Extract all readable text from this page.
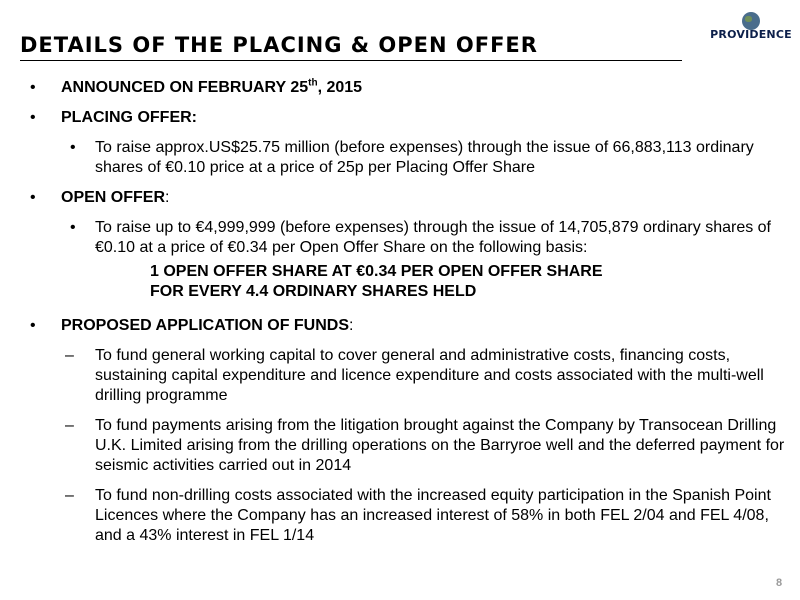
DETAILS OF THE PLACING & OPEN OFFER	PROVIDENCE
• ANNOUNCED ON FEBRUARY 25th, 2015
• PLACING OFFER:
• To raise approx.US$25.75 million (before expenses) through the issue of 66,883,113 ordinary shares of €0.10 price at a price of 25p per Placing Offer Share
• OPEN OFFER:
• To raise up to €4,999,999 (before expenses) through the issue of 14,705,879 ordinary shares of €0.10 at a price of €0.34 per Open Offer Share on the following basis:
1 OPEN OFFER SHARE AT €0.34 PER OPEN OFFER SHARE
FOR EVERY 4.4 ORDINARY SHARES HELD
• PROPOSED APPLICATION OF FUNDS:
– To fund general working capital to cover general and administrative costs, financing costs, sustaining capital expenditure and licence expenditure and costs associated with the multi-well drilling programme
– To fund payments arising from the litigation brought against the Company by Transocean Drilling U.K. Limited arising from the drilling operations on the Barryroe well and the deferred payment for seismic activities carried out in 2014
– To fund non-drilling costs associated with the increased equity participation in the Spanish Point Licences where the Company has an increased interest of 58% in both FEL 2/04 and FEL 4/08, and a 43% interest in FEL 1/14
8
